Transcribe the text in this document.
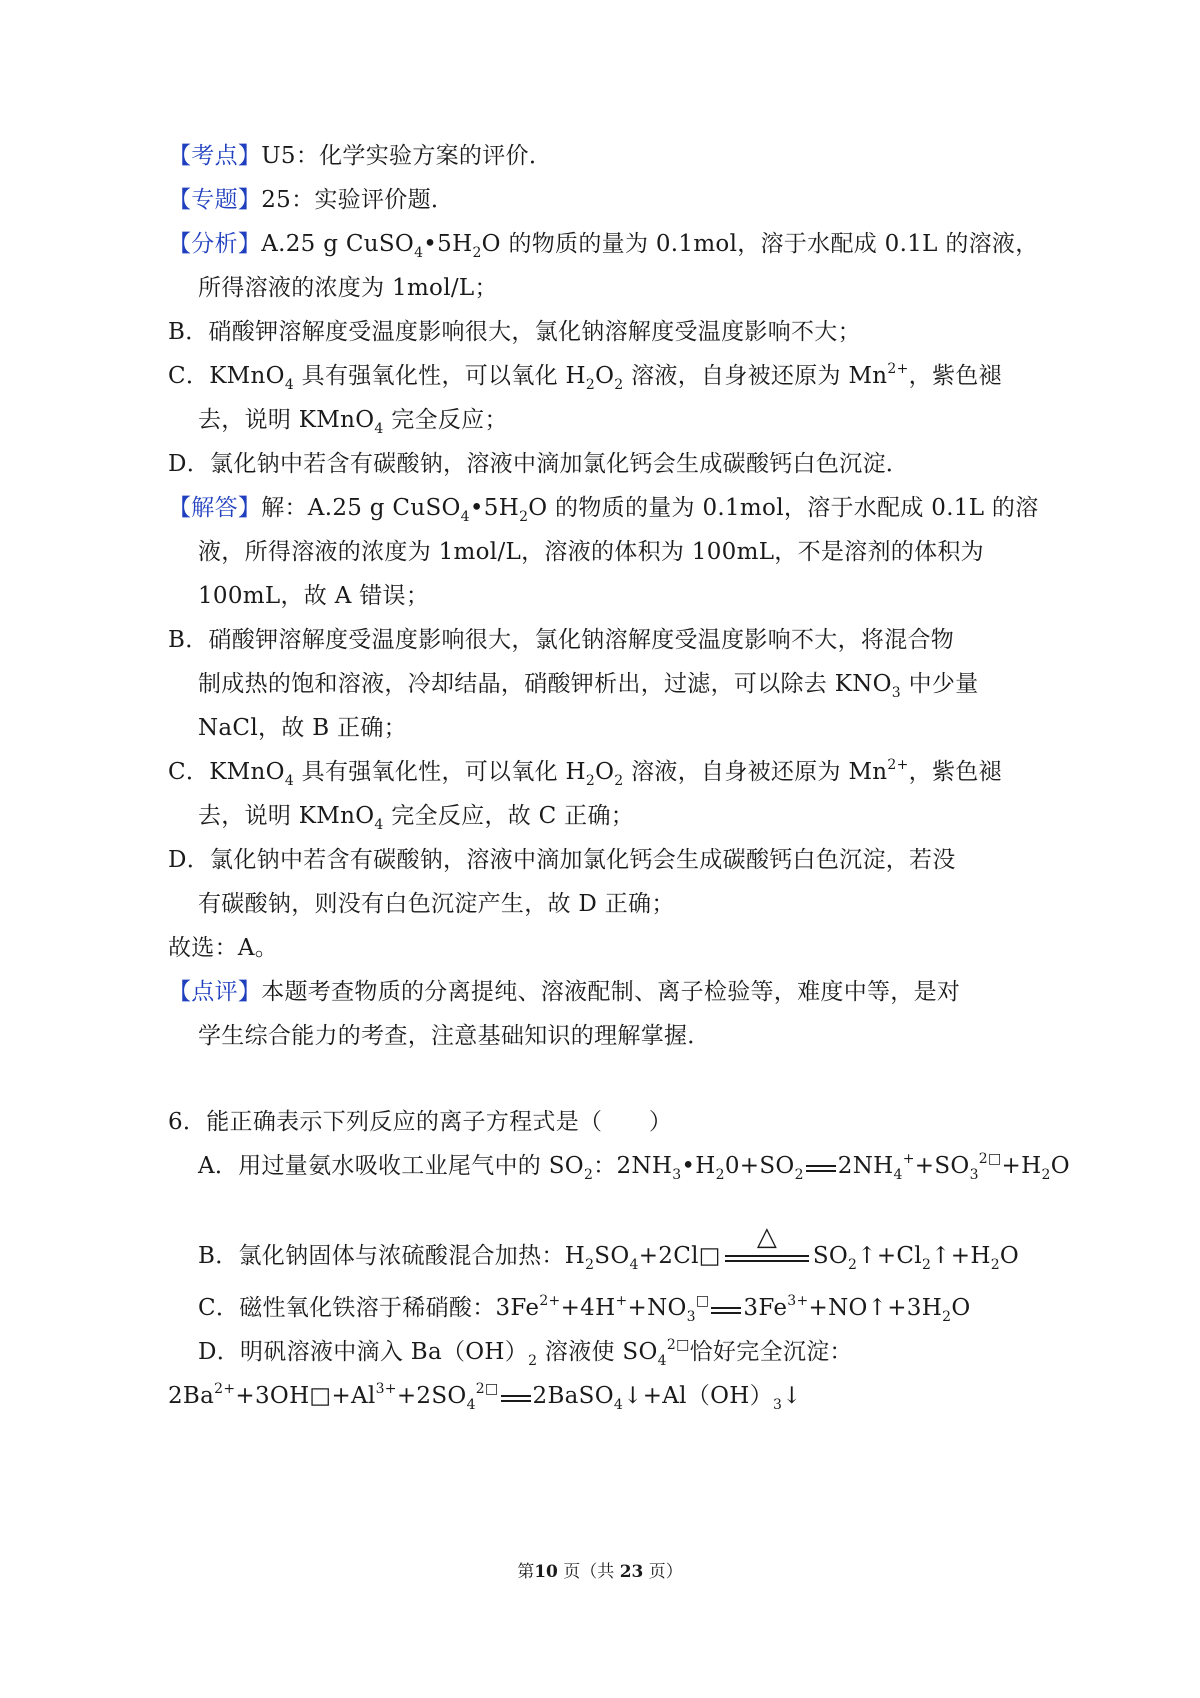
【考点】U5：化学实验方案的评价．
【专题】25：实验评价题．
【分析】A.25 g $CuSO_4•5H_2O$ 的物质的量为 0.1mol，溶于水配成 0.1L 的溶液，
所得溶液的浓度为 1mol/L；
B．硝酸钾溶解度受温度影响很大，氯化钠溶解度受温度影响不大；
C．KMnO$_4$ 具有强氧化性，可以氧化 $H_2O_2$ 溶液，自身被还原为 $Mn^{2+}$，紫色褪
去，说明 KMnO$_4$ 完全反应；
D．氯化钠中若含有碳酸钠，溶液中滴加氯化钙会生成碳酸钙白色沉淀．
【解答】解：A.25 g $CuSO_4•5H_2O$ 的物质的量为 0.1mol，溶于水配成 0.1L 的溶
液，所得溶液的浓度为 1mol/L，溶液的体积为 100mL，不是溶剂的体积为
100mL，故 A 错误；
B．硝酸钾溶解度受温度影响很大，氯化钠溶解度受温度影响不大，将混合物
制成热的饱和溶液，冷却结晶，硝酸钾析出，过滤，可以除去 $KNO_3$ 中少量
NaCl，故 B 正确；
C．KMnO$_4$ 具有强氧化性，可以氧化 $H_2O_2$ 溶液，自身被还原为 $Mn^{2+}$，紫色褪
去，说明 KMnO$_4$ 完全反应，故 C 正确；
D．氯化钠中若含有碳酸钠，溶液中滴加氯化钙会生成碳酸钙白色沉淀，若没
有碳酸钠，则没有白色沉淀产生，故 D 正确；
故选：A。
【点评】本题考查物质的分离提纯、溶液配制、离子检验等，难度中等，是对
学生综合能力的考查，注意基础知识的理解掌握．
6．能正确表示下列反应的离子方程式是（　　）
A．用过量氨水吸收工业尾气中的 $SO_2$：$2NH_3•H_20+SO_2$ $2NH_4^++SO_3^{2□}+H_2O$
B．氯化钠固体与浓硫酸混合加热：$H_2SO_4+2Cl□$
△
$SO_2↑+Cl_2↑+H_2O$
C．磁性氧化铁溶于稀硝酸：$3Fe^{2+}+4H^++NO_3^□$ $3Fe^{3+}+NO↑+3H_2O$
D．明矾溶液中滴入 $Ba(OH)_2$ 溶液使 $SO_4^{2□}$恰好完全沉淀：
$2Ba^{2+}+3OH□+Al^{3+}+2SO_4^{2□}$ $2BaSO_4↓+Al(OH)_3↓$
第10 页（共 23 页）
